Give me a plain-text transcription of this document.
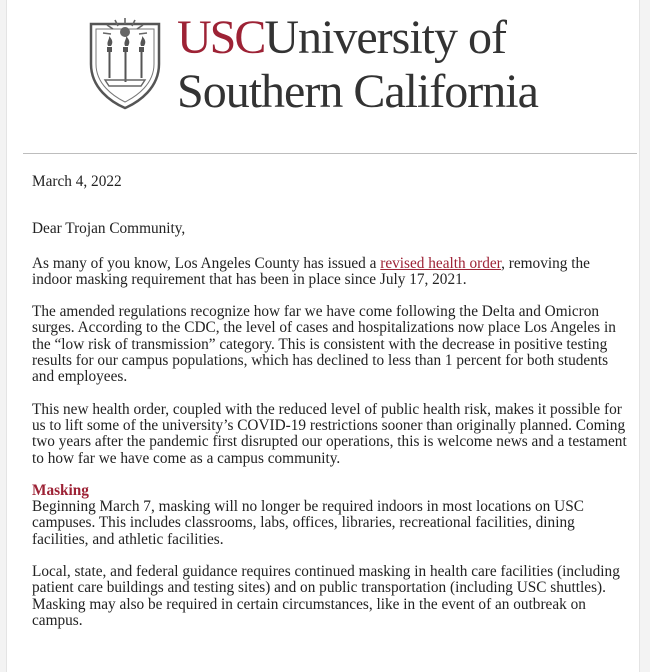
USCUniversity of
Southern California

March 4, 2022

Dear Trojan Community,

As many of you know, Los Angeles County has issued a revised health order, removing the indoor masking requirement that has been in place since July 17, 2021.

The amended regulations recognize how far we have come following the Delta and Omicron surges. According to the CDC, the level of cases and hospitalizations now place Los Angeles in the “low risk of transmission” category. This is consistent with the decrease in positive testing results for our campus populations, which has declined to less than 1 percent for both students and employees.

This new health order, coupled with the reduced level of public health risk, makes it possible for us to lift some of the university’s COVID-19 restrictions sooner than originally planned. Coming two years after the pandemic first disrupted our operations, this is welcome news and a testament to how far we have come as a campus community.

Masking
Beginning March 7, masking will no longer be required indoors in most locations on USC campuses. This includes classrooms, labs, offices, libraries, recreational facilities, dining facilities, and athletic facilities.

Local, state, and federal guidance requires continued masking in health care facilities (including patient care buildings and testing sites) and on public transportation (including USC shuttles). Masking may also be required in certain circumstances, like in the event of an outbreak on campus.
